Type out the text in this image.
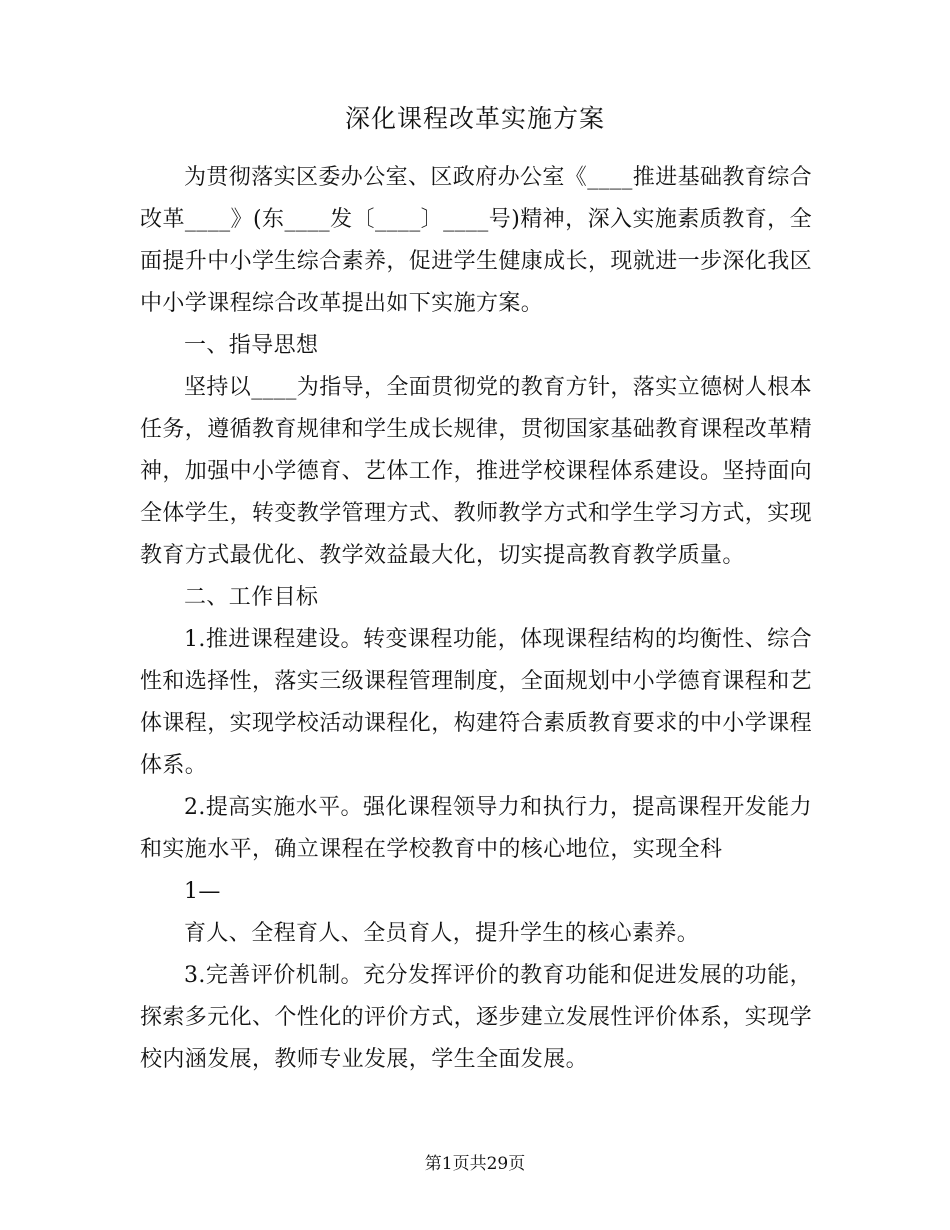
深化课程改革实施方案

为贯彻落实区委办公室、区政府办公室《____推进基础教育综合改革____》(东____发〔____〕____号)精神，深入实施素质教育，全面提升中小学生综合素养，促进学生健康成长，现就进一步深化我区中小学课程综合改革提出如下实施方案。

一、指导思想

坚持以____为指导，全面贯彻党的教育方针，落实立德树人根本任务，遵循教育规律和学生成长规律，贯彻国家基础教育课程改革精神，加强中小学德育、艺体工作，推进学校课程体系建设。坚持面向全体学生，转变教学管理方式、教师教学方式和学生学习方式，实现教育方式最优化、教学效益最大化，切实提高教育教学质量。

二、工作目标

1.推进课程建设。转变课程功能，体现课程结构的均衡性、综合性和选择性，落实三级课程管理制度，全面规划中小学德育课程和艺体课程，实现学校活动课程化，构建符合素质教育要求的中小学课程体系。

2.提高实施水平。强化课程领导力和执行力，提高课程开发能力和实施水平，确立课程在学校教育中的核心地位，实现全科

1—

育人、全程育人、全员育人，提升学生的核心素养。

3.完善评价机制。充分发挥评价的教育功能和促进发展的功能，探索多元化、个性化的评价方式，逐步建立发展性评价体系，实现学校内涵发展，教师专业发展，学生全面发展。

第1页共29页
